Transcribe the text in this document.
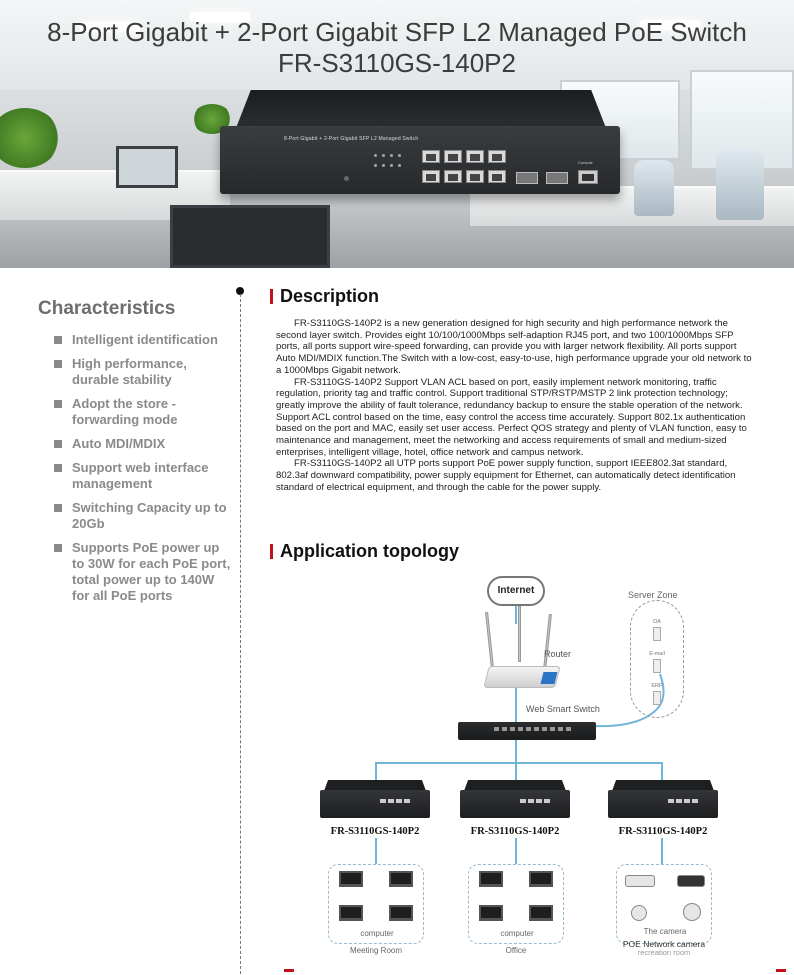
8-Port Gigabit + 2-Port Gigabit SFP L2 Managed PoE Switch
FR-S3110GS-140P2
8-Port Gigabit + 2-Port Gigabit SFP L2 Managed Switch
Console
Characteristics
Intelligent identification
High performance, durable stability
Adopt the store - forwarding mode
Auto MDI/MDIX
Support web interface management
Switching Capacity up to 20Gb
Supports PoE power up to 30W for each PoE port, total power up to 140W for all PoE ports
Description

FR-S3110GS-140P2 is a new generation designed for high security and high performance network the second layer switch. Provides eight 10/100/1000Mbps self-adaption RJ45 port, and two 100/1000Mbps SFP ports, all ports support wire-speed forwarding, can provide you with larger network flexibility. All ports support Auto MDI/MDIX function.The Switch with a low-cost, easy-to-use, high performance upgrade your old network to a 1000Mbps Gigabit network.

FR-S3110GS-140P2 Support VLAN ACL based on port, easily implement network monitoring, traffic regulation, priority tag and traffic control. Support traditional STP/RSTP/MSTP 2 link protection technology; greatly improve the ability of fault tolerance, redundancy backup to ensure the stable operation of the network. Support ACL control based on the time, easy control the access time accurately. Support 802.1x authentication based on the port and MAC, easily set user access. Perfect QOS strategy and plenty of VLAN function, easy to maintenance and management, meet the networking and access requirements of small and medium-sized enterprises, intelligent village, hotel, office network and campus network.

FR-S3110GS-140P2 all UTP ports support PoE power supply function, support IEEE802.3at standard, 802.3af downward compatibility, power supply equipment for Ethernet, can automatically detect identification standard of electrical equipment, and through the cable for the power supply.

Application topology
Internet	Server Zone
OA
E-mail
ERP
Router
Web Smart Switch
FR-S3110GS-140P2	FR-S3110GS-140P2	FR-S3110GS-140P2
computer
Meeting Room
computer
Office
The camera
POE Network camera
recreation room
